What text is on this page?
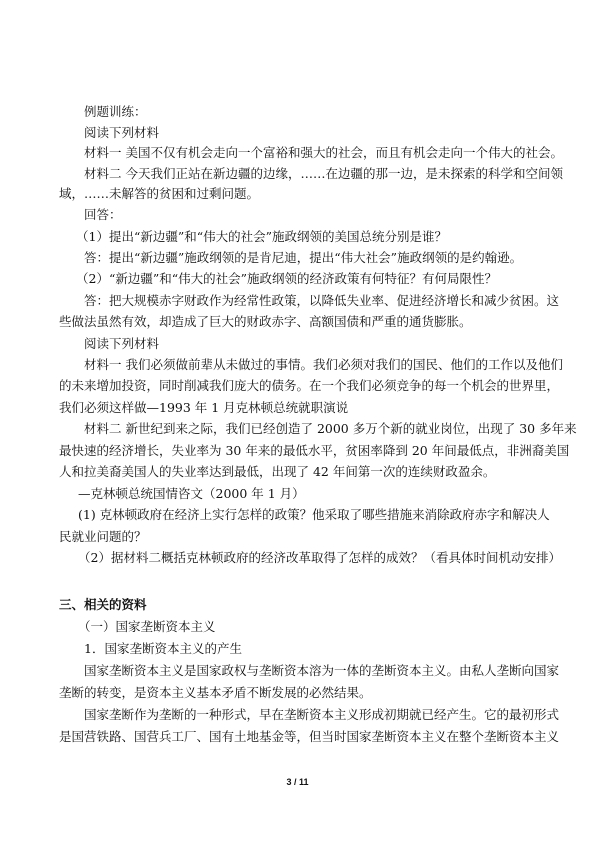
例题训练：
阅读下列材料
材料一 美国不仅有机会走向一个富裕和强大的社会，而且有机会走向一个伟大的社会。
材料二 今天我们正站在新边疆的边缘，……在边疆的那一边，是未探索的科学和空间领
域，……未解答的贫困和过剩问题。
回答：
（1）提出“新边疆”和“伟大的社会”施政纲领的美国总统分别是谁？
答：提出“新边疆”施政纲领的是肯尼迪，提出“伟大社会”施政纲领的是约翰逊。
（2）“新边疆”和“伟大的社会”施政纲领的经济政策有何特征？有何局限性？
答：把大规模赤字财政作为经常性政策，以降低失业率、促进经济增长和减少贫困。这
些做法虽然有效，却造成了巨大的财政赤字、高额国债和严重的通货膨胀。
阅读下列材料
材料一 我们必须做前辈从未做过的事情。我们必须对我们的国民、他们的工作以及他们
的未来增加投资，同时削减我们庞大的债务。在一个我们必须竞争的每一个机会的世界里，
我们必须这样做—1993 年 1 月克林顿总统就职演说
材料二 新世纪到来之际，我们已经创造了 2000 多万个新的就业岗位，出现了 30 多年来
最快速的经济增长，失业率为 30 年来的最低水平，贫困率降到 20 年间最低点，非洲裔美国
人和拉美裔美国人的失业率达到最低，出现了 42 年间第一次的连续财政盈余。
—克林顿总统国情咨文（2000 年 1 月）
(1) 克林顿政府在经济上实行怎样的政策？他采取了哪些措施来消除政府赤字和解决人
民就业问题的？
（2）据材料二概括克林顿政府的经济改革取得了怎样的成效？（看具体时间机动安排）
三、相关的资料
（一）国家垄断资本主义
1．国家垄断资本主义的产生
国家垄断资本主义是国家政权与垄断资本溶为一体的垄断资本主义。由私人垄断向国家
垄断的转变，是资本主义基本矛盾不断发展的必然结果。
国家垄断作为垄断的一种形式，早在垄断资本主义形成初期就已经产生。它的最初形式
是国营铁路、国营兵工厂、国有土地基金等，但当时国家垄断资本主义在整个垄断资本主义
3 / 11
